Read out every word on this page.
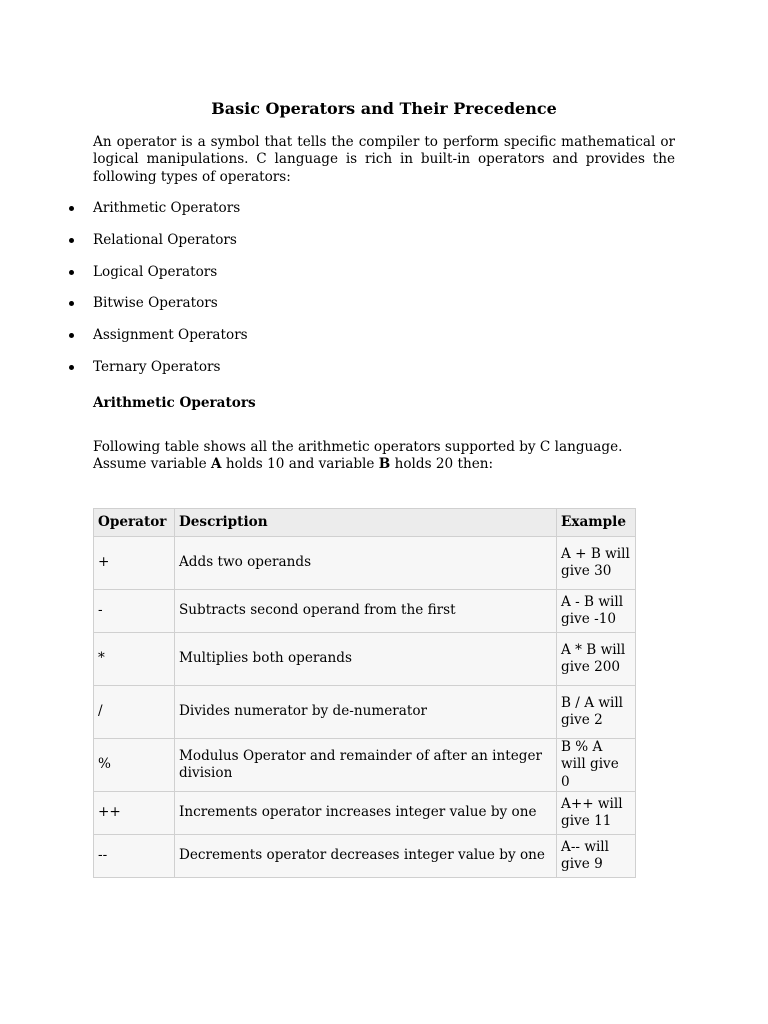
Basic Operators and Their Precedence

An operator is a symbol that tells the compiler to perform specific mathematical or logical manipulations. C language is rich in built-in operators and provides the following types of operators:

Arithmetic Operators
Relational Operators
Logical Operators
Bitwise Operators
Assignment Operators
Ternary Operators
Arithmetic Operators

Following table shows all the arithmetic operators supported by C language. Assume variable A holds 10 and variable B holds 20 then:

Operator	Description	Example
+	Adds two operands	A + B will give 30
-	Subtracts second operand from the first	A - B will give -10
*	Multiplies both operands	A * B will give 200
/	Divides numerator by de-numerator	B / A will give 2
%	Modulus Operator and remainder of after an integer division	B % A will give 0
++	Increments operator increases integer value by one	A++ will give 11
--	Decrements operator decreases integer value by one	A-- will give 9
